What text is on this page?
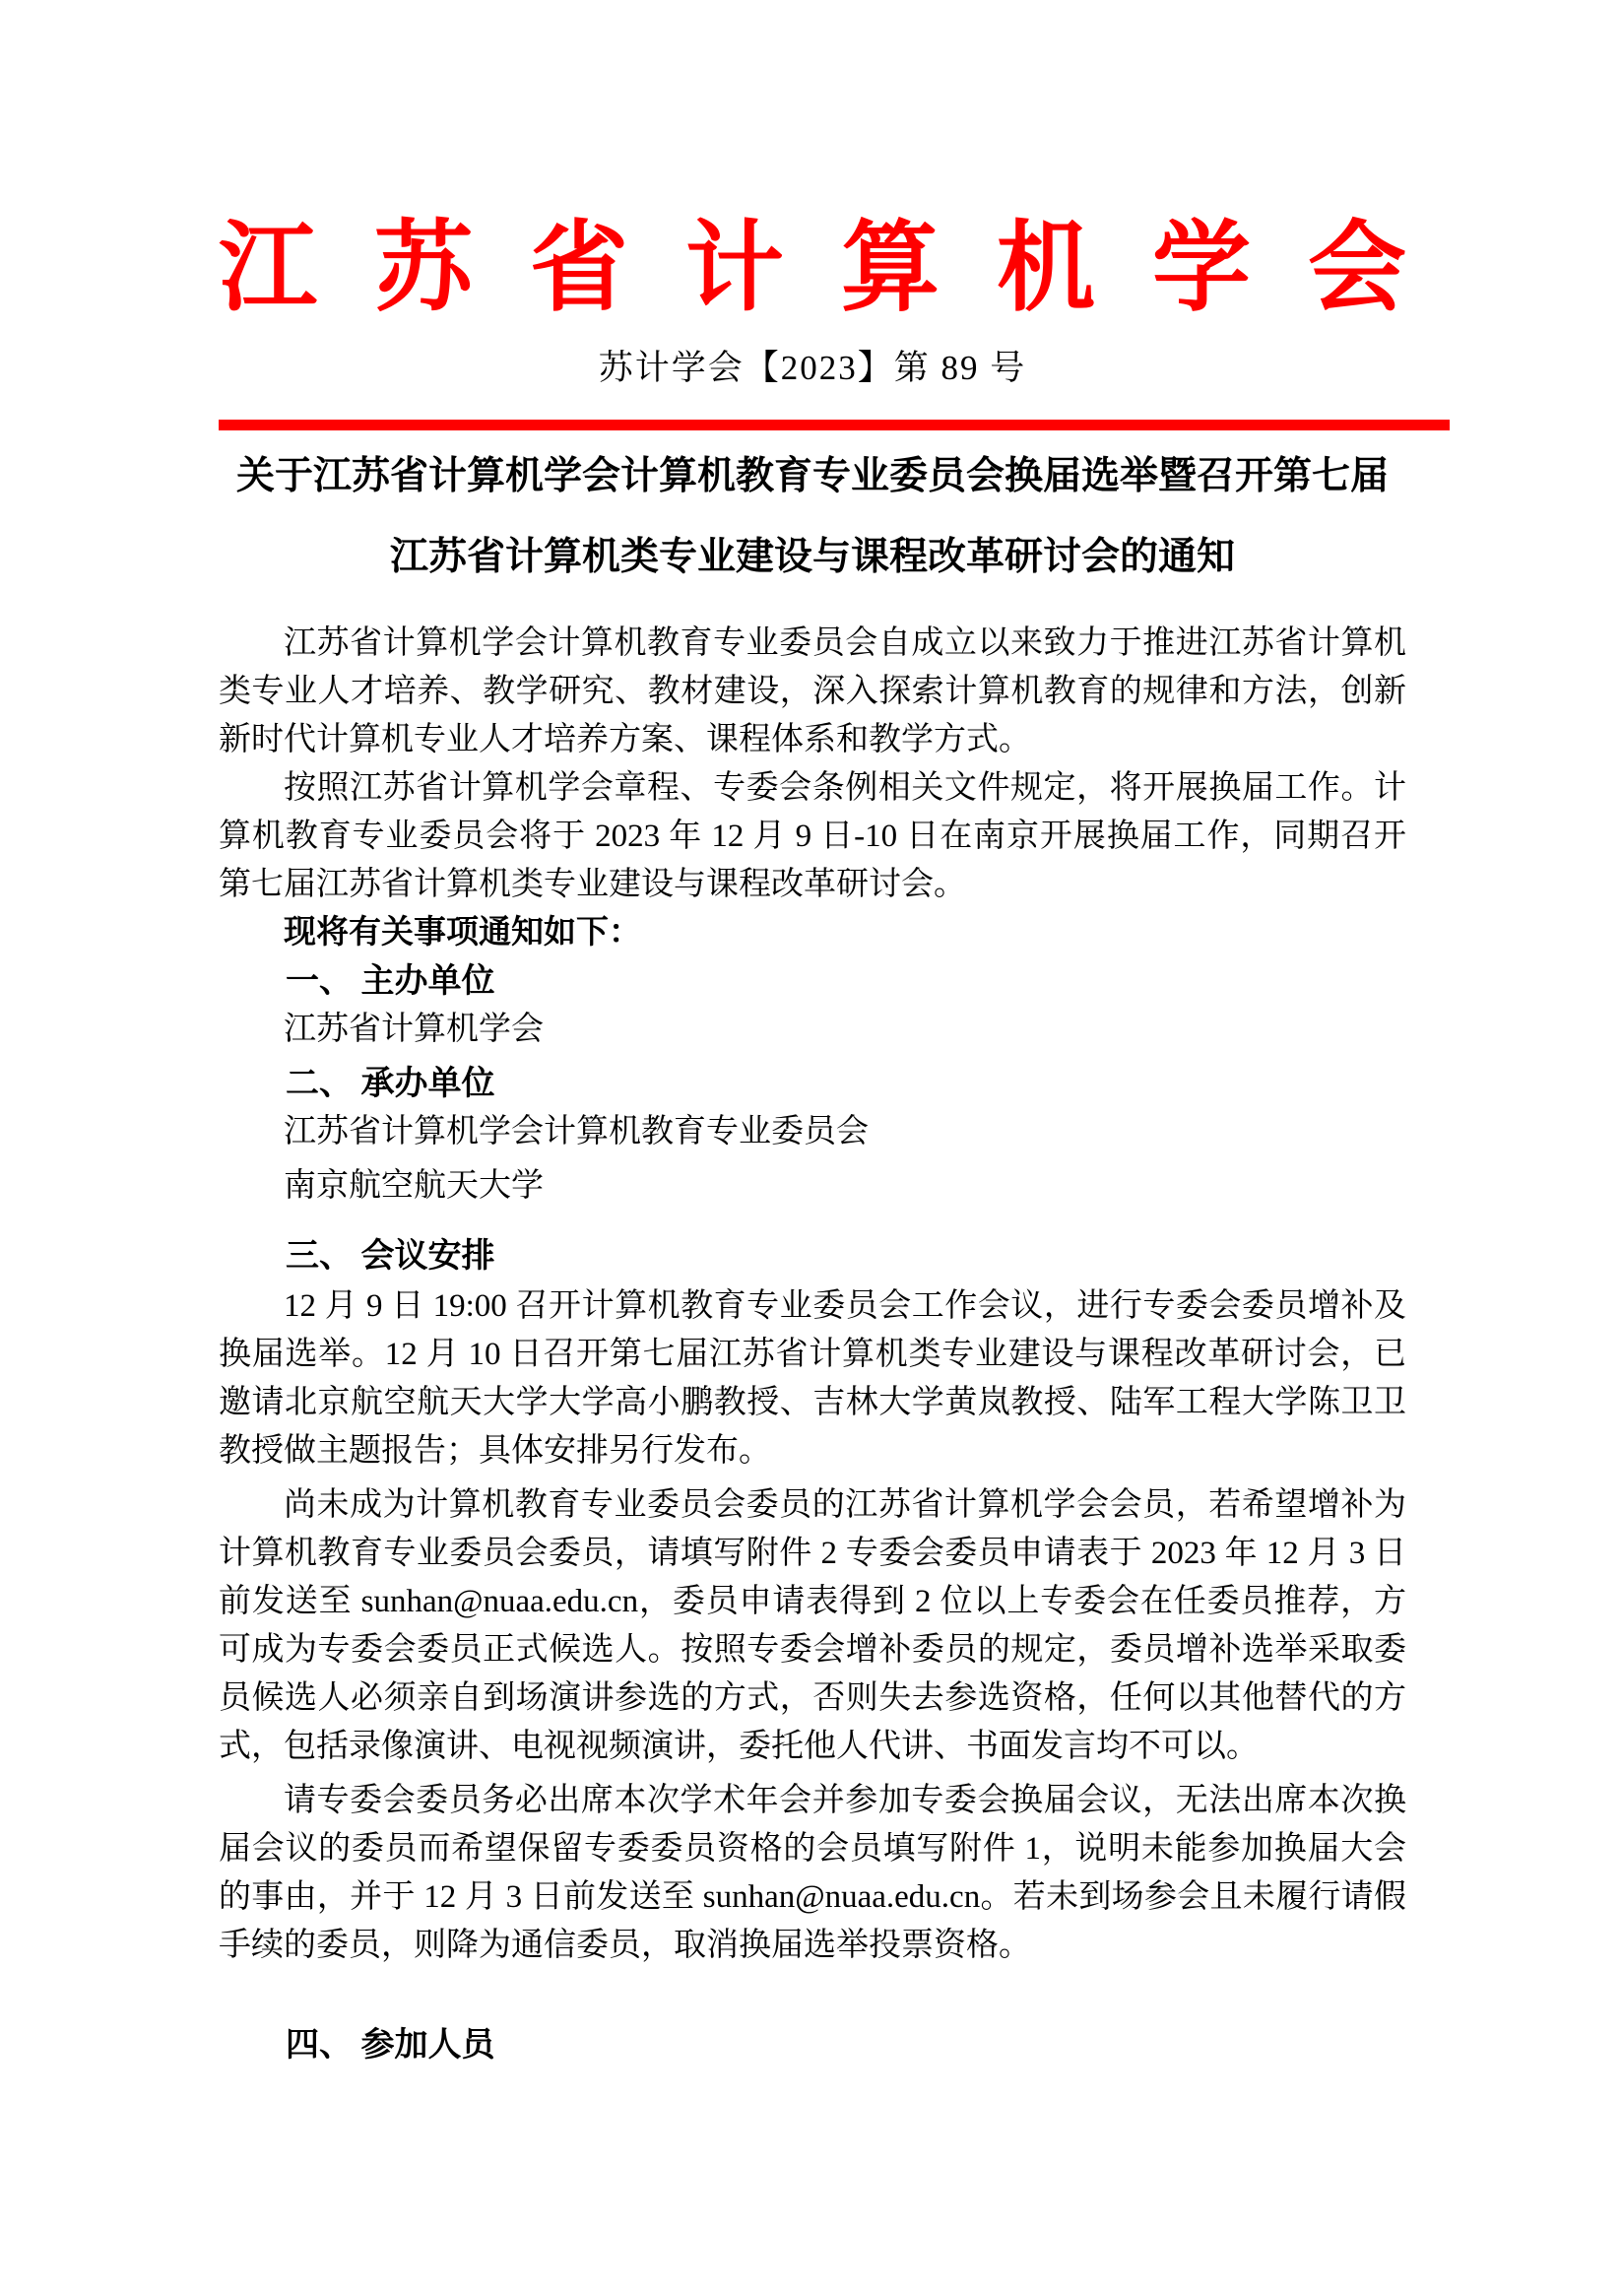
江苏省计算机学会
苏计学会【2023】第 89 号
关于江苏省计算机学会计算机教育专业委员会换届选举暨召开第七届
江苏省计算机类专业建设与课程改革研讨会的通知

江苏省计算机学会计算机教育专业委员会自成立以来致力于推进江苏省计算机类专业人才培养、教学研究、教材建设，深入探索计算机教育的规律和方法，创新新时代计算机专业人才培养方案、课程体系和教学方式。

按照江苏省计算机学会章程、专委会条例相关文件规定，将开展换届工作。计算机教育专业委员会将于 2023 年 12 月 9 日-10 日在南京开展换届工作，同期召开第七届江苏省计算机类专业建设与课程改革研讨会。

现将有关事项通知如下：

一、 主办单位

江苏省计算机学会

二、 承办单位

江苏省计算机学会计算机教育专业委员会

南京航空航天大学

三、 会议安排

12 月 9 日 19:00 召开计算机教育专业委员会工作会议，进行专委会委员增补及换届选举。12 月 10 日召开第七届江苏省计算机类专业建设与课程改革研讨会，已邀请北京航空航天大学大学高小鹏教授、吉林大学黄岚教授、陆军工程大学陈卫卫教授做主题报告；具体安排另行发布。

尚未成为计算机教育专业委员会委员的江苏省计算机学会会员，若希望增补为计算机教育专业委员会委员，请填写附件 2 专委会委员申请表于 2023 年 12 月 3 日前发送至 sunhan@nuaa.edu.cn，委员申请表得到 2 位以上专委会在任委员推荐，方可成为专委会委员正式候选人。按照专委会增补委员的规定，委员增补选举采取委员候选人必须亲自到场演讲参选的方式，否则失去参选资格，任何以其他替代的方式，包括录像演讲、电视视频演讲，委托他人代讲、书面发言均不可以。

请专委会委员务必出席本次学术年会并参加专委会换届会议，无法出席本次换届会议的委员而希望保留专委委员资格的会员填写附件 1，说明未能参加换届大会的事由，并于 12 月 3 日前发送至 sunhan@nuaa.edu.cn。若未到场参会且未履行请假手续的委员，则降为通信委员，取消换届选举投票资格。

四、 参加人员
